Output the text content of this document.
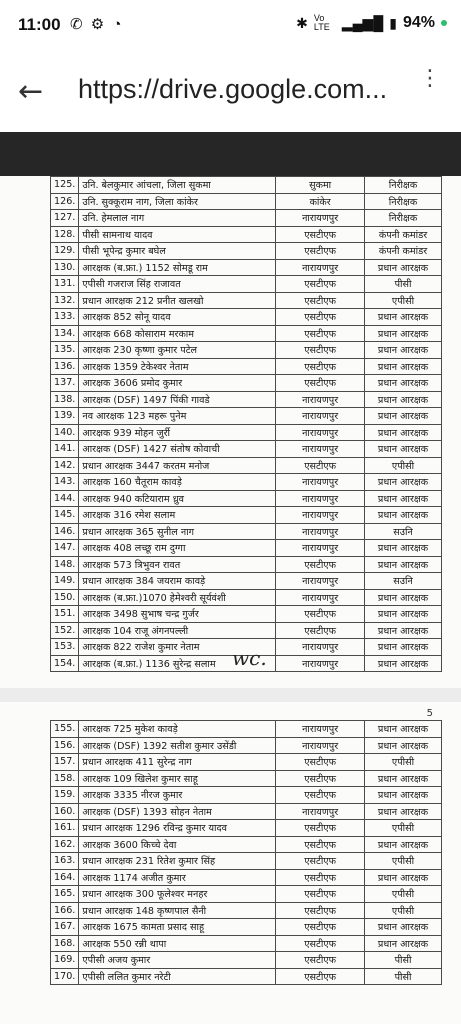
11:00 ✆ ⚙ ◔	✱ Vo LTE ▂▄▆█ ▮ 94%
← https://drive.google.com... ⋮
125.	उनि. बेलकुमार आंचला, जिला सुकमा	सुकमा	निरीक्षक
126.	उनि. सुक्कूराम नाग, जिला कांकेर	कांकेर	निरीक्षक
127.	उनि. हेमलाल नाग	नारायणपुर	निरीक्षक
128.	पीसी सामनाथ यादव	एसटीएफ	कंपनी कमांडर
129.	पीसी भूपेन्द्र कुमार बघेल	एसटीएफ	कंपनी कमांडर
130.	आरक्षक (ब.फ्रा.) 1152 सोमडू राम	नारायणपुर	प्रधान आरक्षक
131.	एपीसी गजराज सिंह राजावत	एसटीएफ	पीसी
132.	प्रधान आरक्षक 212 प्रनीत खलखो	एसटीएफ	एपीसी
133.	आरक्षक 852 सोनू यादव	एसटीएफ	प्रधान आरक्षक
134.	आरक्षक 668 कोसाराम मरकाम	एसटीएफ	प्रधान आरक्षक
135.	आरक्षक 230 कृष्णा कुमार पटेल	एसटीएफ	प्रधान आरक्षक
136.	आरक्षक 1359 टेकेश्वर नेताम	एसटीएफ	प्रधान आरक्षक
137.	आरक्षक 3606 प्रमोद कुमार	एसटीएफ	प्रधान आरक्षक
138.	आरक्षक (DSF) 1497 पिंकी गावडे	नारायणपुर	प्रधान आरक्षक
139.	नव आरक्षक 123 महरू पुनेम	नारायणपुर	प्रधान आरक्षक
140.	आरक्षक 939 मोहन जुर्री	नारायणपुर	प्रधान आरक्षक
141.	आरक्षक (DSF) 1427 संतोष कोवाची	नारायणपुर	प्रधान आरक्षक
142.	प्रधान आरक्षक 3447 करतम मनोज	एसटीएफ	एपीसी
143.	आरक्षक 160 चैतूराम कावड़े	नारायणपुर	प्रधान आरक्षक
144.	आरक्षक 940 कटियाराम ध्रुव	नारायणपुर	प्रधान आरक्षक
145.	आरक्षक 316 रमेश सलाम	नारायणपुर	प्रधान आरक्षक
146.	प्रधान आरक्षक 365 सुनील नाग	नारायणपुर	सउनि
147.	आरक्षक 408 लच्छू राम दुग्गा	नारायणपुर	प्रधान आरक्षक
148.	आरक्षक 573 त्रिभुवन रावत	एसटीएफ	प्रधान आरक्षक
149.	प्रधान आरक्षक 384 जयराम कावड़े	नारायणपुर	सउनि
150.	आरक्षक (ब.फ्रा.)1070 हेमेश्वरी सूर्यवंशी	नारायणपुर	प्रधान आरक्षक
151.	आरक्षक 3498 सुभाष चन्द्र गुर्जर	एसटीएफ	प्रधान आरक्षक
152.	आरक्षक 104 राजू अंगनपल्ली	एसटीएफ	प्रधान आरक्षक
153.	आरक्षक 822 राजेश कुमार नेताम	नारायणपुर	प्रधान आरक्षक
154.	आरक्षक (ब.फ्रा.) 1136 सुरेन्द्र सलाम	नारायणपुर	प्रधान आरक्षक
wc.
5
155.	आरक्षक 725 मुकेश कावड़े	नारायणपुर	प्रधान आरक्षक
156.	आरक्षक (DSF) 1392 सतीश कुमार उसेंडी	नारायणपुर	प्रधान आरक्षक
157.	प्रधान आरक्षक 411 सुरेन्द्र नाग	एसटीएफ	एपीसी
158.	आरक्षक 109 खिलेश कुमार साहू	एसटीएफ	प्रधान आरक्षक
159.	आरक्षक 3335 नीरज कुमार	एसटीएफ	प्रधान आरक्षक
160.	आरक्षक (DSF) 1393 सोहन नेताम	नारायणपुर	प्रधान आरक्षक
161.	प्रधान आरक्षक 1296 रविन्द्र कुमार यादव	एसटीएफ	एपीसी
162.	आरक्षक 3600 किच्चे देवा	एसटीएफ	प्रधान आरक्षक
163.	प्रधान आरक्षक 231 रितेश कुमार सिंह	एसटीएफ	एपीसी
164.	आरक्षक 1174 अजीत कुमार	एसटीएफ	प्रधान आरक्षक
165.	प्रधान आरक्षक 300 फूलेश्वर मनहर	एसटीएफ	एपीसी
166.	प्रधान आरक्षक 148 कृष्णपाल सैनी	एसटीएफ	एपीसी
167.	आरक्षक 1675 कामता प्रसाद साहू	एसटीएफ	प्रधान आरक्षक
168.	आरक्षक 550 रन्नी थापा	एसटीएफ	प्रधान आरक्षक
169.	एपीसी अजय कुमार	एसटीएफ	पीसी
170.	एपीसी ललित कुमार नरेटी	एसटीएफ	पीसी
